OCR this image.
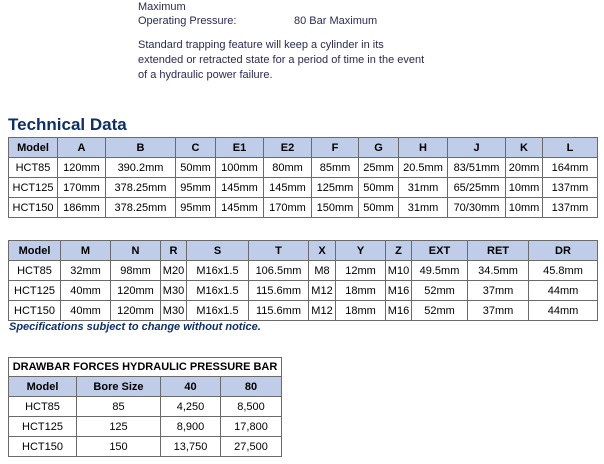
Maximum
Operating Pressure:	80 Bar Maximum
Standard trapping feature will keep a cylinder in its
extended or retracted state for a period of time in the event
of a hydraulic power failure.
Technical Data
Model	A	B	C	E1	E2	F	G	H	J	K	L
HCT85	120mm	390.2mm	50mm	100mm	80mm	85mm	25mm	20.5mm	83/51mm	20mm	164mm
HCT125	170mm	378.25mm	95mm	145mm	145mm	125mm	50mm	31mm	65/25mm	10mm	137mm
HCT150	186mm	378.25mm	95mm	145mm	170mm	150mm	50mm	31mm	70/30mm	10mm	137mm
Model	M	N	R	S	T	X	Y	Z	EXT	RET	DR
HCT85	32mm	98mm	M20	M16x1.5	106.5mm	M8	12mm	M10	49.5mm	34.5mm	45.8mm
HCT125	40mm	120mm	M30	M16x1.5	115.6mm	M12	18mm	M16	52mm	37mm	44mm
HCT150	40mm	120mm	M30	M16x1.5	115.6mm	M12	18mm	M16	52mm	37mm	44mm
Specifications subject to change without notice.
DRAWBAR FORCES HYDRAULIC PRESSURE BAR			
Model	Bore Size	40	80
HCT85	85	4,250	8,500
HCT125	125	8,900	17,800
HCT150	150	13,750	27,500
